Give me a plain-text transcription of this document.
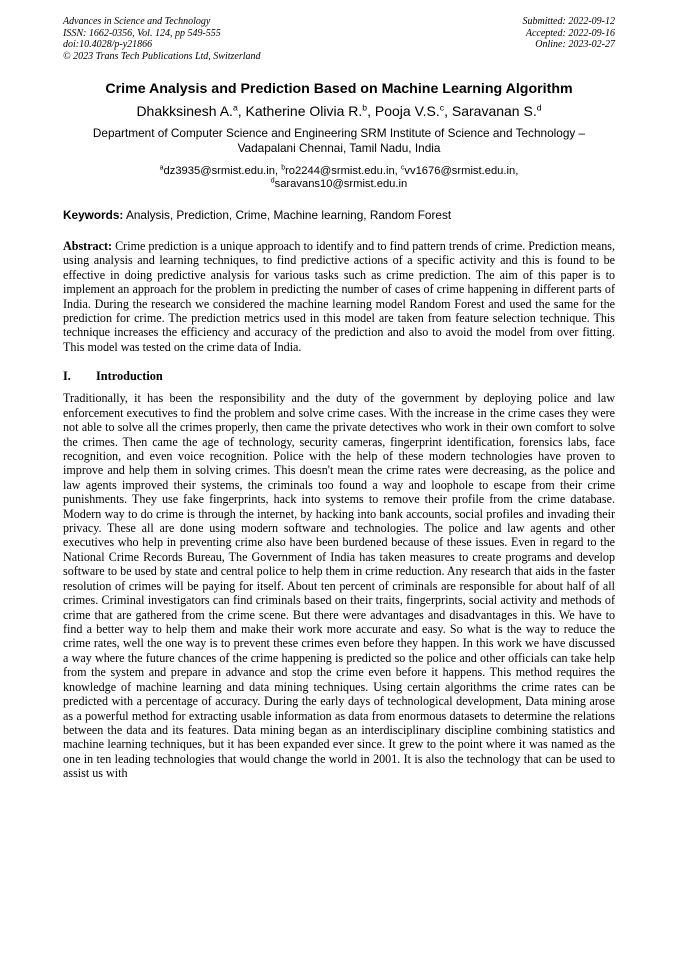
Advances in Science and Technology
ISSN: 1662-0356, Vol. 124, pp 549-555
doi:10.4028/p-y21866
© 2023 Trans Tech Publications Ltd, Switzerland
Submitted: 2022-09-12
Accepted: 2022-09-16
Online: 2023-02-27
Crime Analysis and Prediction Based on Machine Learning Algorithm
Dhakksinesh A.$^a$, Katherine Olivia R.$^b$, Pooja V.S.$^c$, Saravanan S.$^d$
Department of Computer Science and Engineering SRM Institute of Science and Technology – Vadapalani Chennai, Tamil Nadu, India
$^a$dz3935@srmist.edu.in, $^b$ro2244@srmist.edu.in, $^c$vv1676@srmist.edu.in,
$^d$saravans10@srmist.edu.in
Keywords: Analysis, Prediction, Crime, Machine learning, Random Forest
Abstract: Crime prediction is a unique approach to identify and to find pattern trends of crime. Prediction means, using analysis and learning techniques, to find predictive actions of a specific activity and this is found to be effective in doing predictive analysis for various tasks such as crime prediction. The aim of this paper is to implement an approach for the problem in predicting the number of cases of crime happening in different parts of India. During the research we considered the machine learning model Random Forest and used the same for the prediction for crime. The prediction metrics used in this model are taken from feature selection technique. This technique increases the efficiency and accuracy of the prediction and also to avoid the model from over fitting. This model was tested on the crime data of India.
I.	Introduction
Traditionally, it has been the responsibility and the duty of the government by deploying police and law enforcement executives to find the problem and solve crime cases. With the increase in the crime cases they were not able to solve all the crimes properly, then came the private detectives who work in their own comfort to solve the crimes. Then came the age of technology, security cameras, fingerprint identification, forensics labs, face recognition, and even voice recognition. Police with the help of these modern technologies have proven to improve and help them in solving crimes. This doesn't mean the crime rates were decreasing, as the police and law agents improved their systems, the criminals too found a way and loophole to escape from their crime punishments. They use fake fingerprints, hack into systems to remove their profile from the crime database. Modern way to do crime is through the internet, by hacking into bank accounts, social profiles and invading their privacy. These all are done using modern software and technologies. The police and law agents and other executives who help in preventing crime also have been burdened because of these issues. Even in regard to the National Crime Records Bureau, The Government of India has taken measures to create programs and develop software to be used by state and central police to help them in crime reduction. Any research that aids in the faster resolution of crimes will be paying for itself. About ten percent of criminals are responsible for about half of all crimes. Criminal investigators can find criminals based on their traits, fingerprints, social activity and methods of crime that are gathered from the crime scene. But there were advantages and disadvantages in this. We have to find a better way to help them and make their work more accurate and easy. So what is the way to reduce the crime rates, well the one way is to prevent these crimes even before they happen. In this work we have discussed a way where the future chances of the crime happening is predicted so the police and other officials can take help from the system and prepare in advance and stop the crime even before it happens. This method requires the knowledge of machine learning and data mining techniques. Using certain algorithms the crime rates can be predicted with a percentage of accuracy. During the early days of technological development, Data mining arose as a powerful method for extracting usable information as data from enormous datasets to determine the relations between the data and its features. Data mining began as an interdisciplinary discipline combining statistics and machine learning techniques, but it has been expanded ever since. It grew to the point where it was named as the one in ten leading technologies that would change the world in 2001. It is also the technology that can be used to assist us with
